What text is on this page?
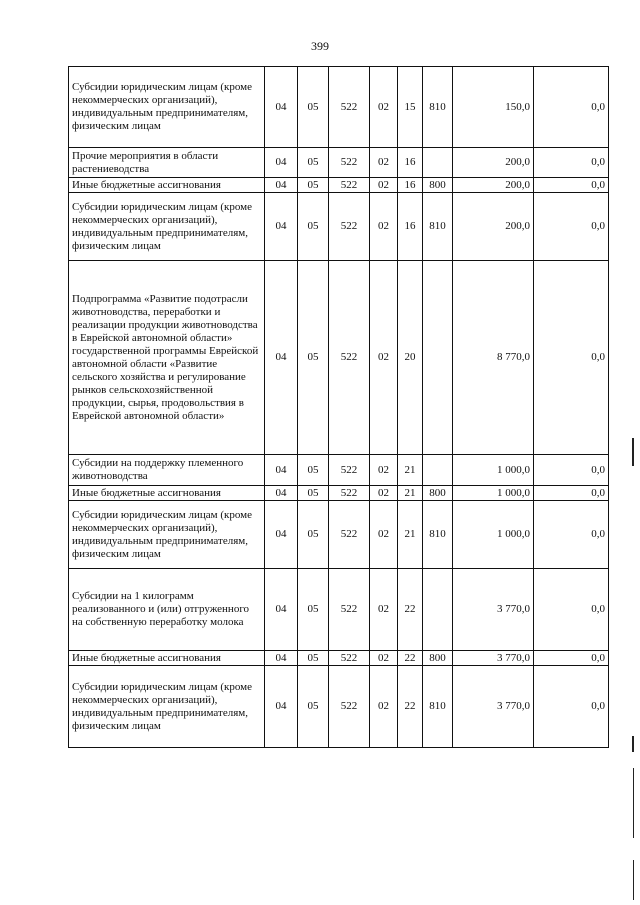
399
Субсидии юридическим лицам (кроме некоммерческих организаций), индивидуальным предпринимателям, физическим лицам	04	05	522	02	15	810	150,0	0,0
Прочие мероприятия в области растениеводства	04	05	522	02	16		200,0	0,0
Иные бюджетные ассигнования	04	05	522	02	16	800	200,0	0,0
Субсидии юридическим лицам (кроме некоммерческих организаций), индивидуальным предпринимателям, физическим лицам	04	05	522	02	16	810	200,0	0,0
Подпрограмма «Развитие подотрасли животноводства, переработки и реализации продукции животноводства в Еврейской автономной области» государственной программы Еврейской автономной области «Развитие сельского хозяйства и регулирование рынков сельскохозяйственной продукции, сырья, продовольствия в Еврейской автономной области»	04	05	522	02	20		8 770,0	0,0
Субсидии на поддержку племенного животноводства	04	05	522	02	21		1 000,0	0,0
Иные бюджетные ассигнования	04	05	522	02	21	800	1 000,0	0,0
Субсидии юридическим лицам (кроме некоммерческих организаций), индивидуальным предпринимателям, физическим лицам	04	05	522	02	21	810	1 000,0	0,0
Субсидии на 1 килограмм реализованного и (или) отгруженного на собственную переработку молока	04	05	522	02	22		3 770,0	0,0
Иные бюджетные ассигнования	04	05	522	02	22	800	3 770,0	0,0
Субсидии юридическим лицам (кроме некоммерческих организаций), индивидуальным предпринимателям, физическим лицам	04	05	522	02	22	810	3 770,0	0,0
